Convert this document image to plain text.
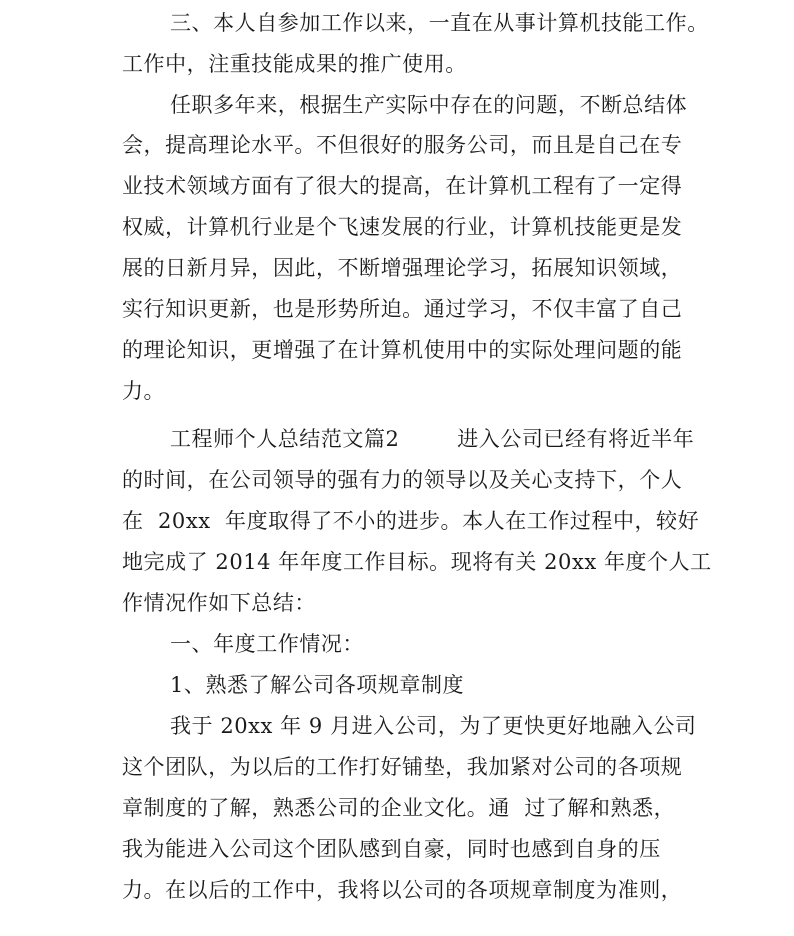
三、本人自参加工作以来，一直在从事计算机技能工作。
工作中，注重技能成果的推广使用。
任职多年来，根据生产实际中存在的问题，不断总结体
会，提高理论水平。不但很好的服务公司，而且是自己在专
业技术领域方面有了很大的提高，在计算机工程有了一定得
权威，计算机行业是个飞速发展的行业，计算机技能更是发
展的日新月异，因此，不断增强理论学习，拓展知识领域，
实行知识更新，也是形势所迫。通过学习，不仅丰富了自己
的理论知识，更增强了在计算机使用中的实际处理问题的能
力。
工程师个人总结范文篇2        进入公司已经有将近半年
的时间，在公司领导的强有力的领导以及关心支持下，个人
在  20xx  年度取得了不小的进步。本人在工作过程中，较好
地完成了 2014 年年度工作目标。现将有关 20xx 年度个人工
作情况作如下总结：
一、年度工作情况：
1、熟悉了解公司各项规章制度
我于 20xx 年 9 月进入公司，为了更快更好地融入公司
这个团队，为以后的工作打好铺垫，我加紧对公司的各项规
章制度的了解，熟悉公司的企业文化。通  过了解和熟悉，
我为能进入公司这个团队感到自豪，同时也感到自身的压
力。在以后的工作中，我将以公司的各项规章制度为准则，
